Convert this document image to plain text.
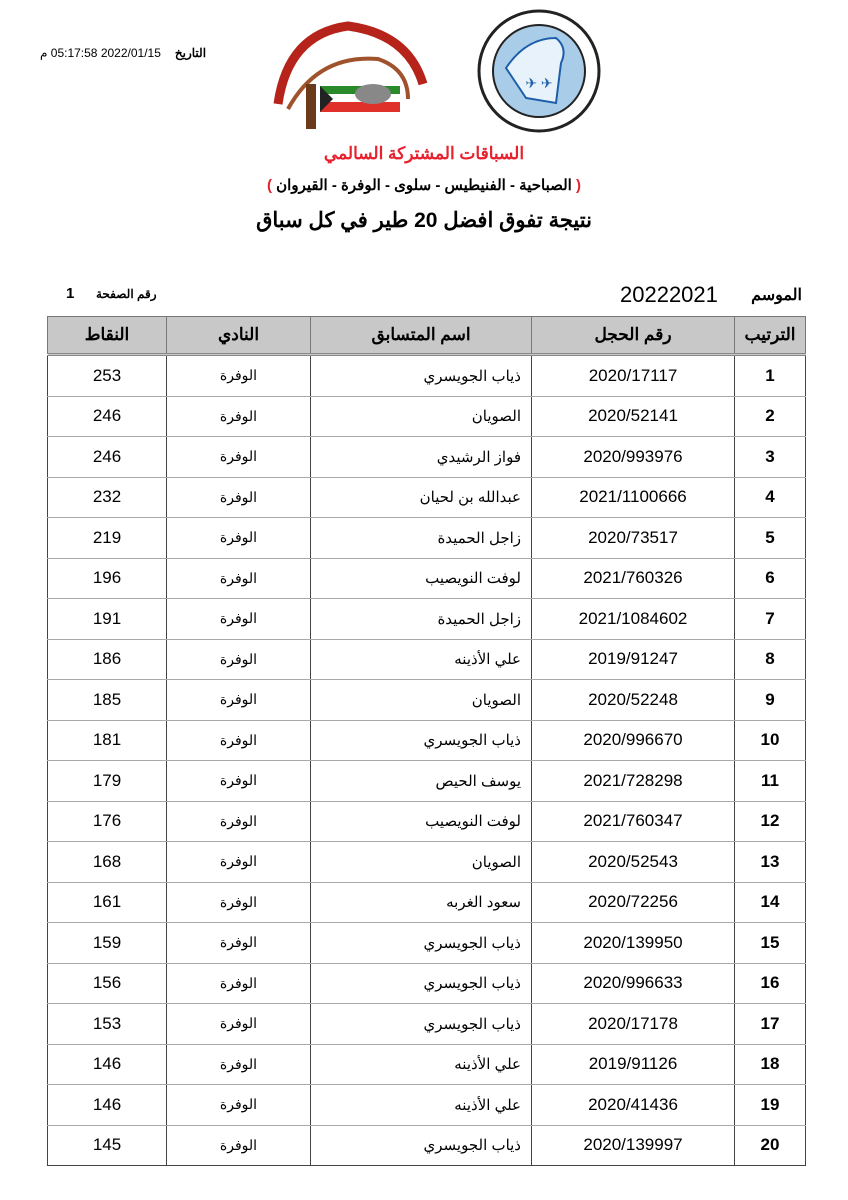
التاريخ2022/01/15 05:17:58 م
✈ ✈
السباقات المشتركة السالمي
( الصباحية - الفنيطيس - سلوى - الوفرة - القيروان )
نتيجة تفوق افضل 20 طير في كل سباق
الموسم
20222021
رقم الصفحة
1
الترتيب	رقم الحجل	اسم المتسابق	النادي	النقاط
1	2020/17117	ذياب الجويسري	الوفرة	253
2	2020/52141	الصويان	الوفرة	246
3	2020/993976	فواز الرشيدي	الوفرة	246
4	2021/1100666	عبدالله بن لحيان	الوفرة	232
5	2020/73517	زاجل الحميدة	الوفرة	219
6	2021/760326	لوفت النويصيب	الوفرة	196
7	2021/1084602	زاجل الحميدة	الوفرة	191
8	2019/91247	علي الأذينه	الوفرة	186
9	2020/52248	الصويان	الوفرة	185
10	2020/996670	ذياب الجويسري	الوفرة	181
11	2021/728298	يوسف الحيص	الوفرة	179
12	2021/760347	لوفت النويصيب	الوفرة	176
13	2020/52543	الصويان	الوفرة	168
14	2020/72256	سعود الغربه	الوفرة	161
15	2020/139950	ذياب الجويسري	الوفرة	159
16	2020/996633	ذياب الجويسري	الوفرة	156
17	2020/17178	ذياب الجويسري	الوفرة	153
18	2019/91126	علي الأذينه	الوفرة	146
19	2020/41436	علي الأذينه	الوفرة	146
20	2020/139997	ذياب الجويسري	الوفرة	145
